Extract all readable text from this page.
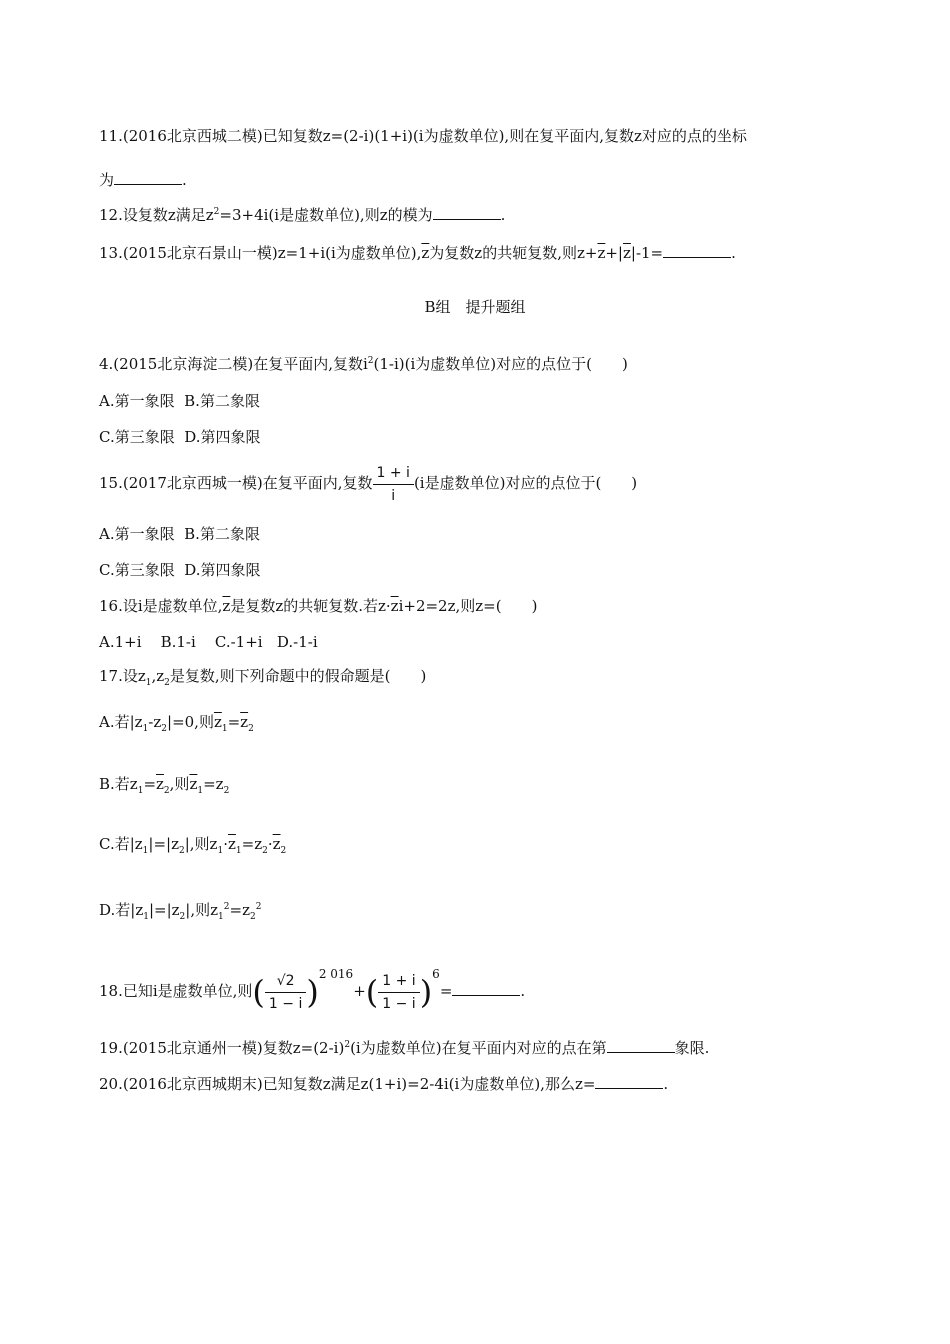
11.(2016北京西城二模)已知复数z=(2-i)(1+i)(i为虚数单位),则在复平面内,复数z对应的点的坐标
为	.
12.设复数z满足$z^2=3+4i(i$是虚数单位),则z的模为	.
13.(2015北京石景山一模)z=1+i(i为虚数单位)$,\overline{z}$为复数z的共轭复数,则$z+\overline{z}+|\overline{z}|-1=$	.
B组　提升题组
4.(2015北京海淀二模)在复平面内,复数$i^2(1-i)(i$为虚数单位)对应的点位于(　　)
A.第一象限 B.第二象限
C.第三象限 D.第四象限
15.(2017北京西城一模)在复平面内,复数 $\frac{1 + i}{i} (i$是虚数单位)对应的点位于(　　)
A.第一象限 B.第二象限
C.第三象限 D.第四象限
16.设i是虚数单位$,\overline{z}$是复数z的共轭复数.若$z\cdot\overline{z}i+2=2z$,则z=(　　)
A.1+i B.1-i C.-1+i D.-1-i
17.设$z_1,z_2$是复数,则下列命题中的假命题是(　　)
A.若$|z_1-z_2|=0$,则$\overline{z}_1=\overline{z}_2$
B.若$z_1=\overline{z}_2$,则$\overline{z}_1=z_2$
C.若$|z_1|=|z_2|$,则$z_1\cdot\overline{z}_1=z_2\cdot\overline{z}_2$
D.若$|z_1|=|z_2|$,则$z_1^2=z_2^2$
18.已知i是虚数单位,则( $\frac{√2}{1 - i} )^{2 016}+( \frac{1 + i}{1 - i} )^6=$	.
19.(2015北京通州一模)复数$z=(2-i)^2(i$为虚数单位)在复平面内对应的点在第	象限.
20.(2016北京西城期末)已知复数z满足z(1+i)=2-4i(i为虚数单位),那么z=	.
